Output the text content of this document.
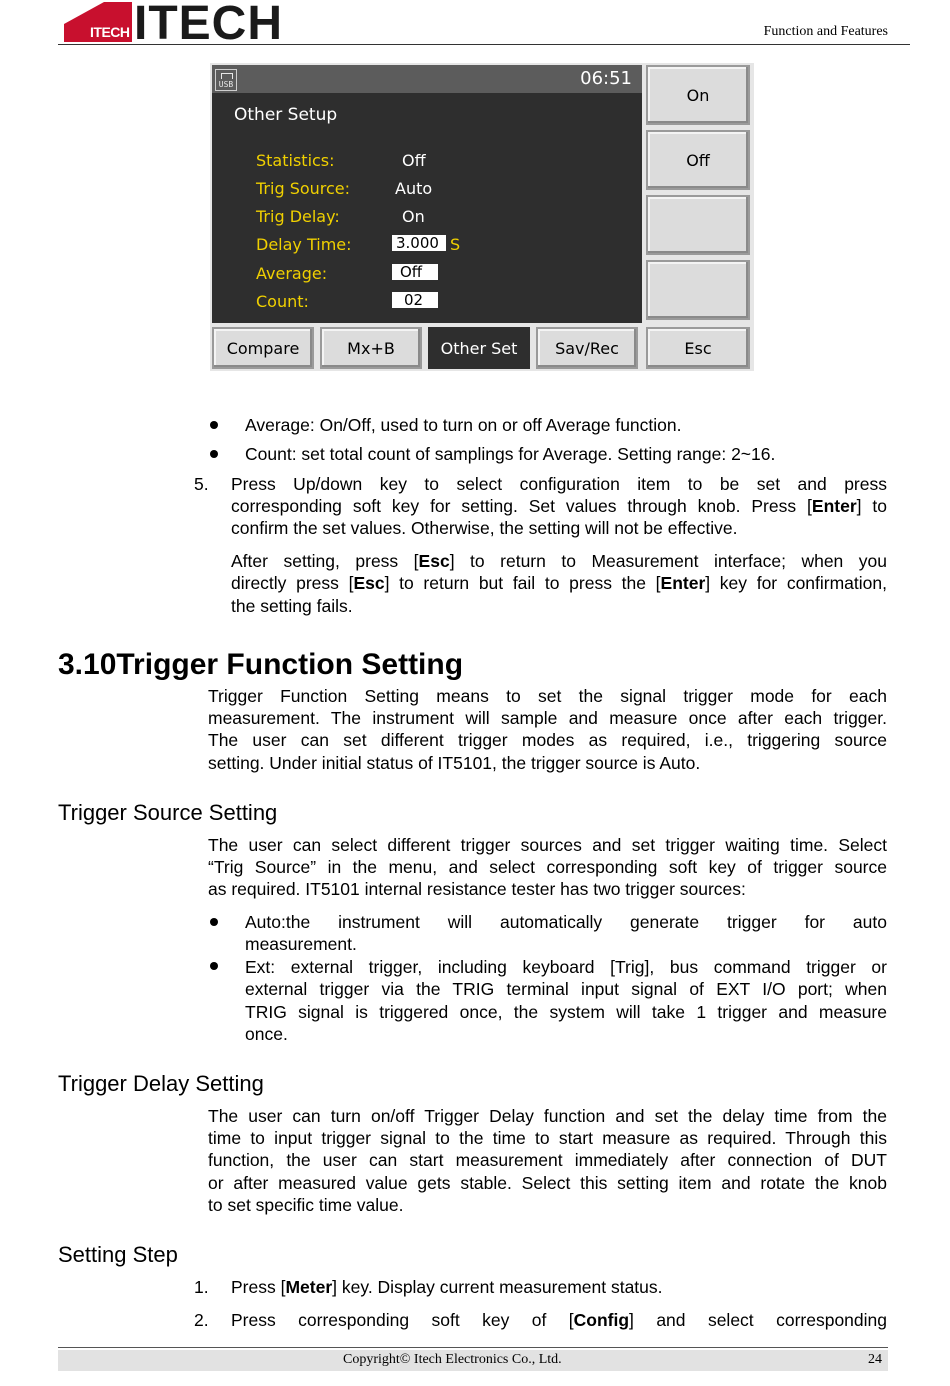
ITECH ITECH	Function and Features
USB	06:51
Other Setup
Statistics:	Off
Trig Source:	Auto
Trig Delay:	On
Delay Time:	3.000 S
Average:	Off
Count:	02
On
Off
Compare	Mx+B	Other Set	Sav/Rec	Esc
Average: On/Off, used to turn on or off Average function.
Count: set total count of samplings for Average. Setting range: 2~16.
5. Press Up/down key to select configuration item to be set and press
corresponding soft key for setting. Set values through knob. Press [Enter] to
confirm the set values. Otherwise, the setting will not be effective.
After setting, press [Esc] to return to Measurement interface; when you
directly press [Esc] to return but fail to press the [Enter] key for confirmation,
the setting fails.
3.10Trigger Function Setting
Trigger Function Setting means to set the signal trigger mode for each
measurement. The instrument will sample and measure once after each trigger.
The user can set different trigger modes as required, i.e., triggering source
setting. Under initial status of IT5101, the trigger source is Auto.
Trigger Source Setting
The user can select different trigger sources and set trigger waiting time. Select
“Trig Source” in the menu, and select corresponding soft key of trigger source
as required. IT5101 internal resistance tester has two trigger sources:
Auto:the instrument will automatically generate trigger for auto
measurement.
Ext: external trigger, including keyboard [Trig], bus command trigger or
external trigger via the TRIG terminal input signal of EXT I/O port; when
TRIG signal is triggered once, the system will take 1 trigger and measure
once.
Trigger Delay Setting
The user can turn on/off Trigger Delay function and set the delay time from the
time to input trigger signal to the time to start measure as required. Through this
function, the user can start measurement immediately after connection of DUT
or after measured value gets stable. Select this setting item and rotate the knob
to set specific time value.
Setting Step
1. Press [Meter] key. Display current measurement status.
2. Press corresponding soft key of [Config] and select corresponding
Copyright© Itech Electronics Co., Ltd.	24
